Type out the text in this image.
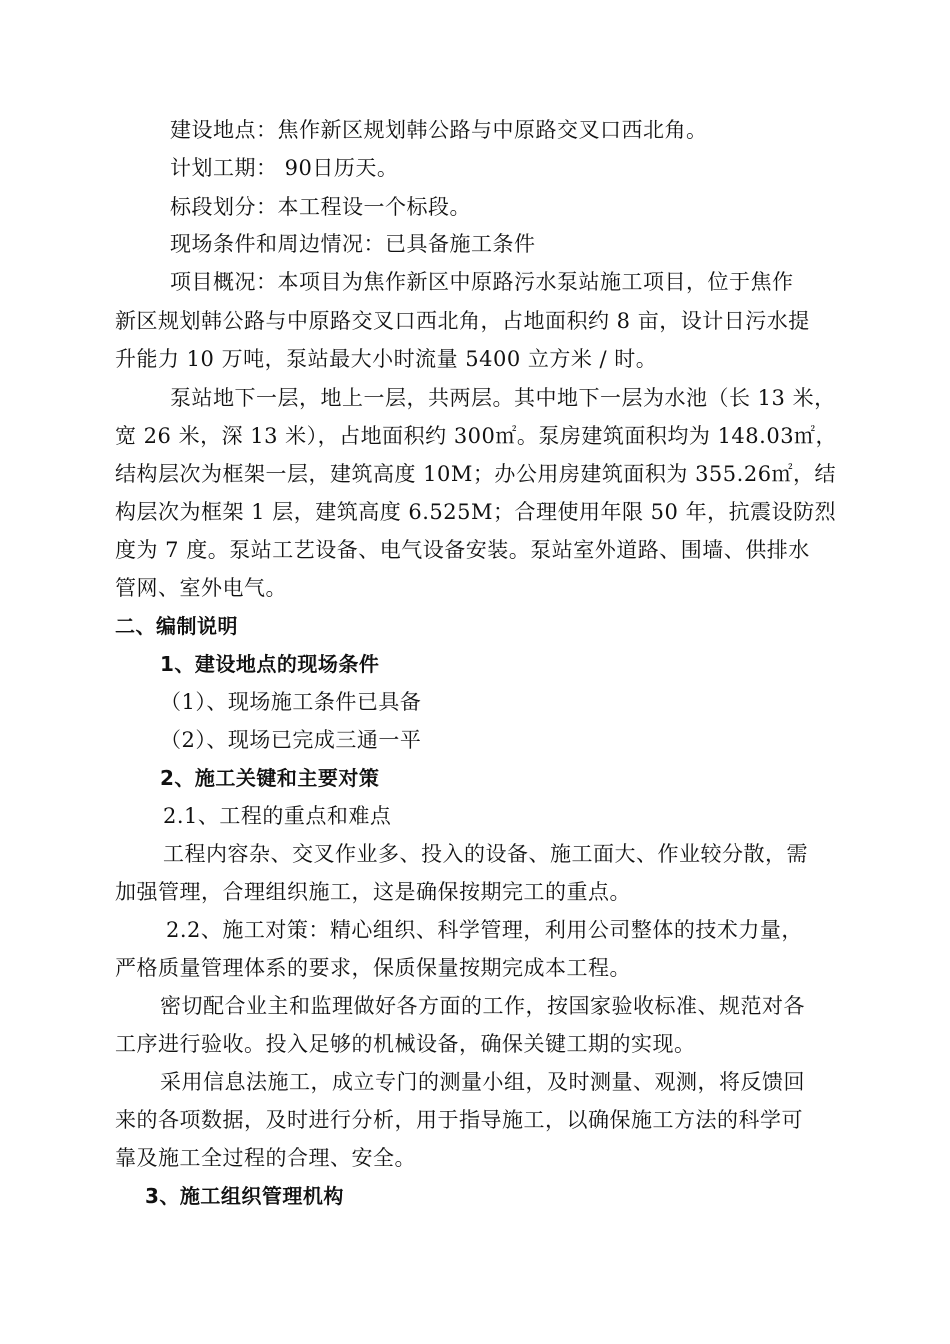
建设地点：焦作新区规划韩公路与中原路交叉口西北角。
计划工期： 90日历天。
标段划分：本工程设一个标段。
现场条件和周边情况：已具备施工条件
项目概况：本项目为焦作新区中原路污水泵站施工项目，位于焦作
新区规划韩公路与中原路交叉口西北角，占地面积约 8 亩，设计日污水提
升能力 10 万吨，泵站最大小时流量 5400 立方米 / 时。
泵站地下一层，地上一层，共两层。其中地下一层为水池（长 13 米，
宽 26 米，深 13 米），占地面积约 300㎡。泵房建筑面积均为 148.03㎡，
结构层次为框架一层，建筑高度 10M；办公用房建筑面积为 355.26㎡，结
构层次为框架 1 层，建筑高度 6.525M；合理使用年限 50 年，抗震设防烈
度为 7 度。泵站工艺设备、电气设备安装。泵站室外道路、围墙、供排水
管网、室外电气。
二、编制说明
1、建设地点的现场条件
（1）、现场施工条件已具备
（2）、现场已完成三通一平
2、施工关键和主要对策
2.1、工程的重点和难点
工程内容杂、交叉作业多、投入的设备、施工面大、作业较分散，需
加强管理，合理组织施工，这是确保按期完工的重点。
2.2、施工对策：精心组织、科学管理，利用公司整体的技术力量，
严格质量管理体系的要求，保质保量按期完成本工程。
密切配合业主和监理做好各方面的工作，按国家验收标准、规范对各
工序进行验收。投入足够的机械设备，确保关键工期的实现。
采用信息法施工，成立专门的测量小组，及时测量、观测，将反馈回
来的各项数据，及时进行分析，用于指导施工，以确保施工方法的科学可
靠及施工全过程的合理、安全。
3、施工组织管理机构
